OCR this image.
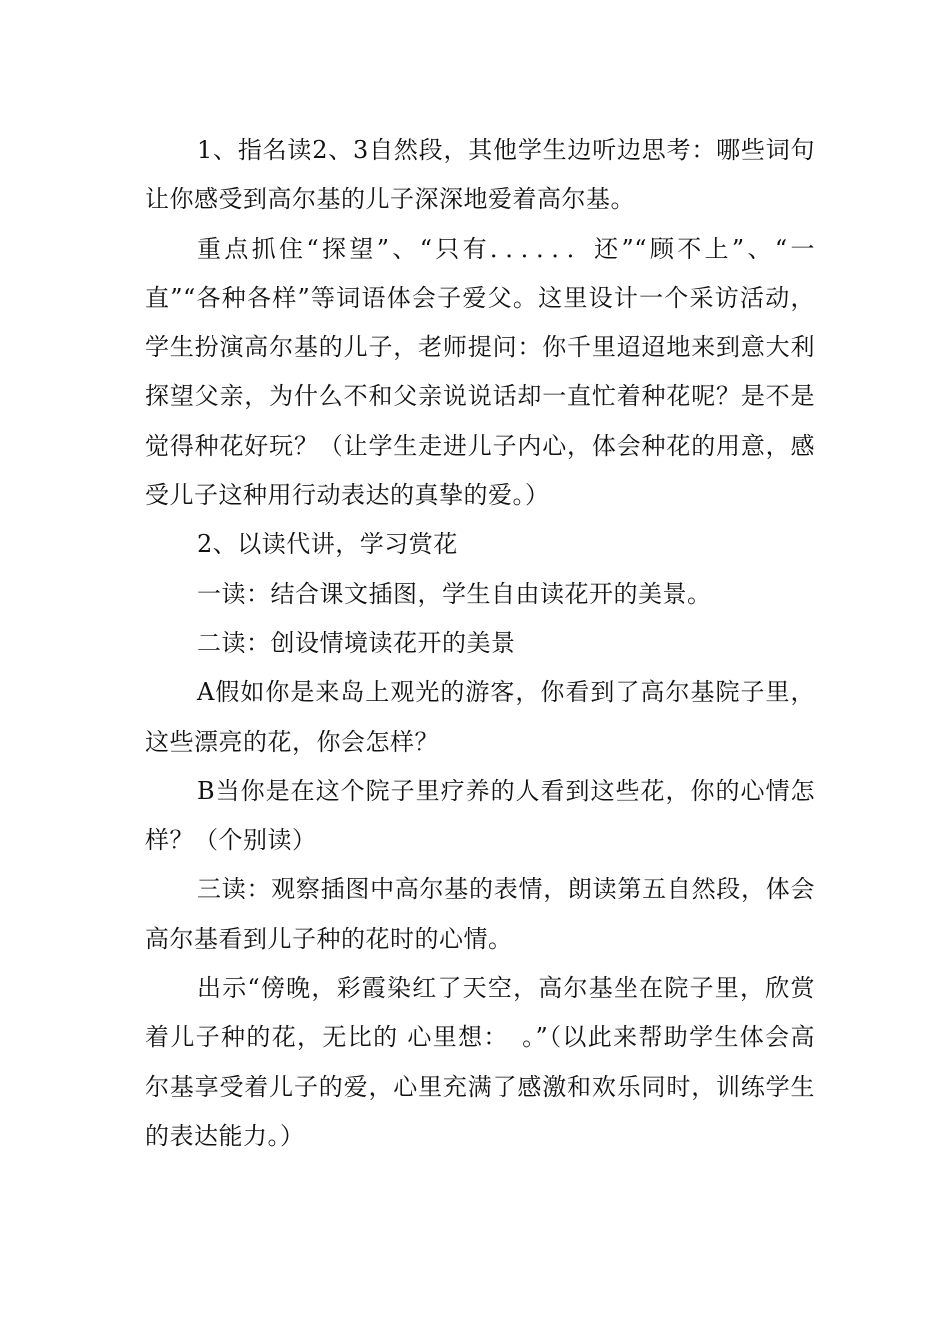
1、指名读2、3自然段，其他学生边听边思考：哪些词句让你感受到高尔基的儿子深深地爱着高尔基。

重点抓住“探望”、“只有．．．．．．还”“顾不上”、“一直”“各种各样”等词语体会子爱父。这里设计一个采访活动，学生扮演高尔基的儿子，老师提问：你千里迢迢地来到意大利探望父亲，为什么不和父亲说说话却一直忙着种花呢？是不是觉得种花好玩？（让学生走进儿子内心，体会种花的用意，感受儿子这种用行动表达的真挚的爱。）

2、以读代讲，学习赏花

一读：结合课文插图，学生自由读花开的美景。

二读：创设情境读花开的美景

A假如你是来岛上观光的游客，你看到了高尔基院子里，这些漂亮的花，你会怎样？

B当你是在这个院子里疗养的人看到这些花，你的心情怎样？（个别读）

三读：观察插图中高尔基的表情，朗读第五自然段，体会高尔基看到儿子种的花时的心情。

出示“傍晚，彩霞染红了天空，高尔基坐在院子里，欣赏着儿子种的花，无比的 心里想：　。”（以此来帮助学生体会高尔基享受着儿子的爱，心里充满了感激和欢乐同时，训练学生的表达能力。）
